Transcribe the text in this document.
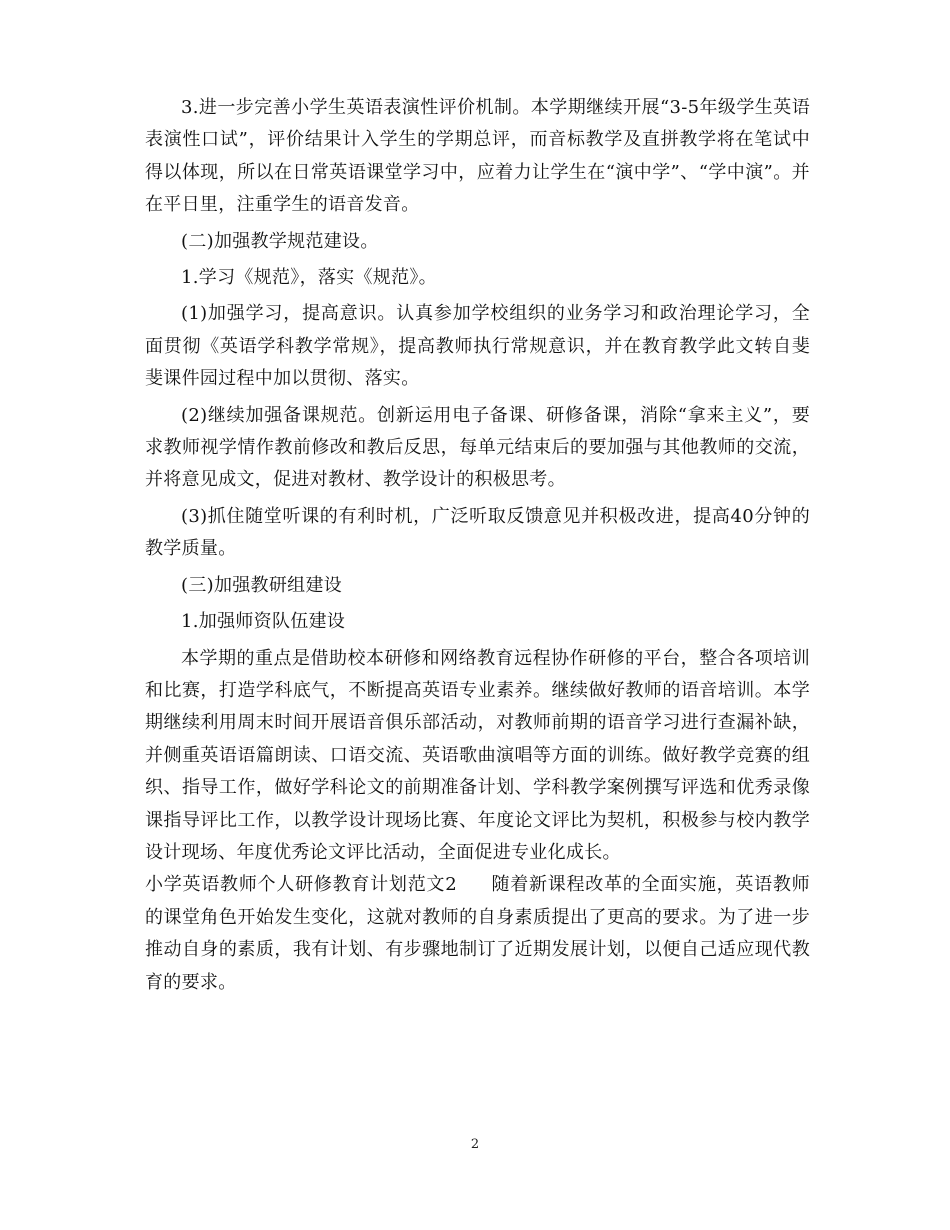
3.进一步完善小学生英语表演性评价机制。本学期继续开展“3-5年级学生英语表演性口试”，评价结果计入学生的学期总评，而音标教学及直拼教学将在笔试中得以体现，所以在日常英语课堂学习中，应着力让学生在“演中学”、“学中演”。并在平日里，注重学生的语音发音。

(二)加强教学规范建设。

1.学习《规范》，落实《规范》。

(1)加强学习，提高意识。认真参加学校组织的业务学习和政治理论学习，全面贯彻《英语学科教学常规》，提高教师执行常规意识，并在教育教学此文转自斐斐课件园过程中加以贯彻、落实。

(2)继续加强备课规范。创新运用电子备课、研修备课，消除“拿来主义”，要求教师视学情作教前修改和教后反思，每单元结束后的要加强与其他教师的交流，并将意见成文，促进对教材、教学设计的积极思考。

(3)抓住随堂听课的有利时机，广泛听取反馈意见并积极改进，提高40分钟的教学质量。

(三)加强教研组建设

1.加强师资队伍建设

本学期的重点是借助校本研修和网络教育远程协作研修的平台，整合各项培训和比赛，打造学科底气，不断提高英语专业素养。继续做好教师的语音培训。本学期继续利用周末时间开展语音俱乐部活动，对教师前期的语音学习进行查漏补缺，并侧重英语语篇朗读、口语交流、英语歌曲演唱等方面的训练。做好教学竞赛的组织、指导工作，做好学科论文的前期准备计划、学科教学案例撰写评选和优秀录像课指导评比工作，以教学设计现场比赛、年度论文评比为契机，积极参与校内教学设计现场、年度优秀论文评比活动，全面促进专业化成长。

小学英语教师个人研修教育计划范文2 随着新课程改革的全面实施，英语教师的课堂角色开始发生变化，这就对教师的自身素质提出了更高的要求。为了进一步推动自身的素质，我有计划、有步骤地制订了近期发展计划，以便自己适应现代教育的要求。

2
